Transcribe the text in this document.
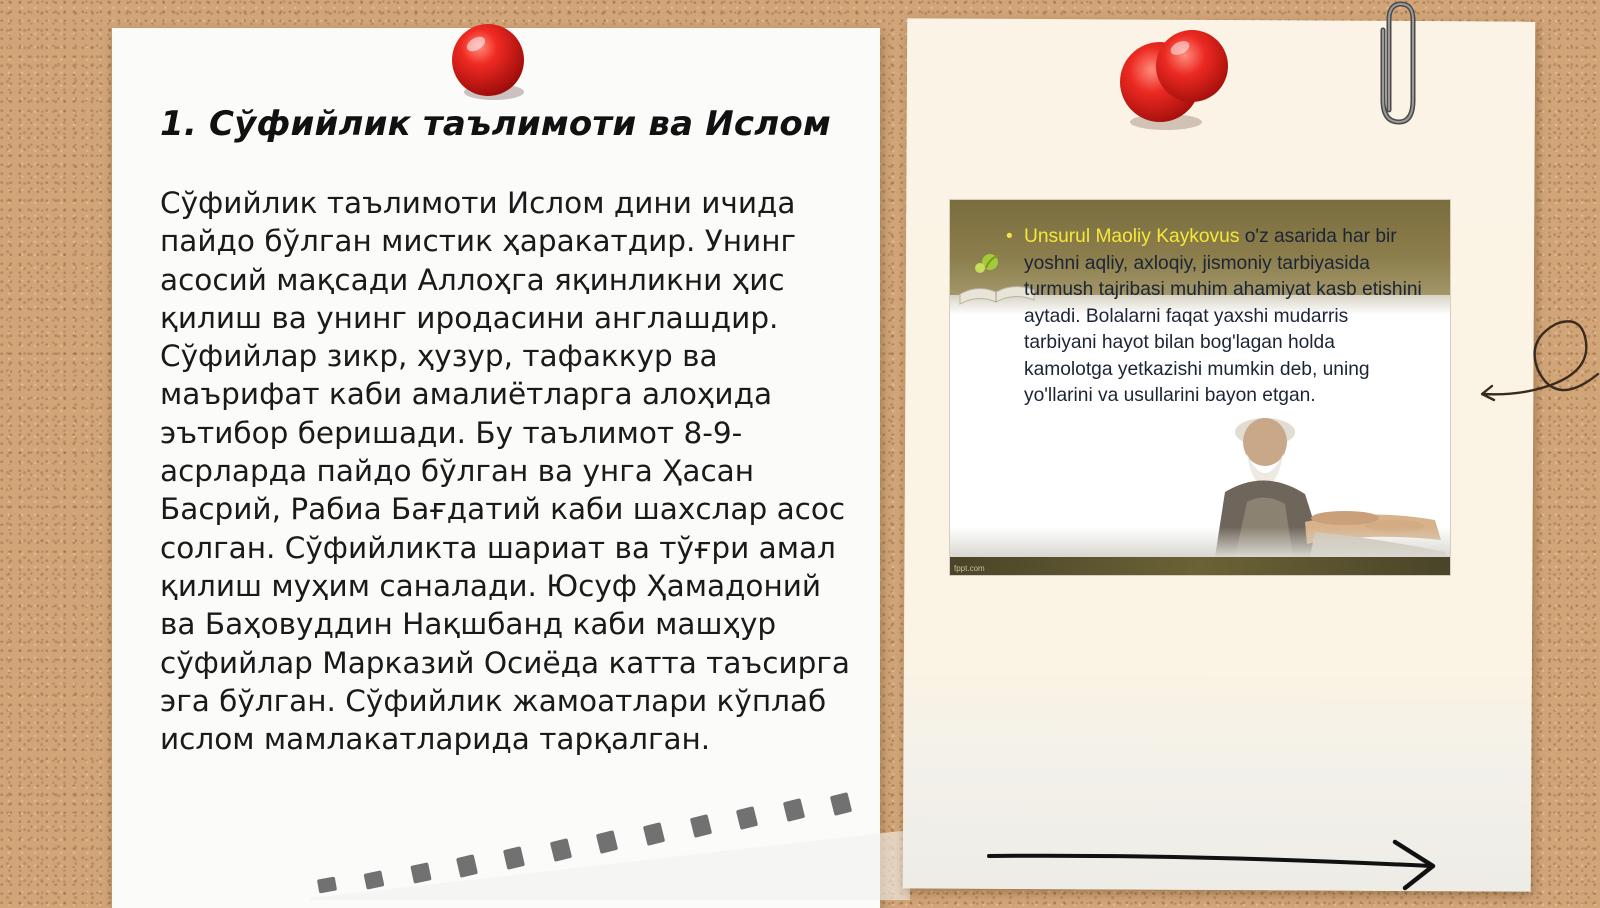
1. Сўфийлик таълимоти ва Ислом

Сўфийлик таълимоти Ислом дини ичида пайдо бўлган мистик ҳаракатдир. Унинг асосий мақсади Аллоҳга яқинликни ҳис қилиш ва унинг иродасини англашдир. Сўфийлар зикр, ҳузур, тафаккур ва маърифат каби амалиётларга алоҳида эътибор беришади. Бу таълимот 8-9-асрларда пайдо бўлган ва унга Ҳасан Басрий, Рабиа Бағдатий каби шахслар асос солган. Сўфийликта шариат ва тўғри амал қилиш муҳим саналади. Юсуф Ҳамадоний ва Баҳовуддин Нақшбанд каби машҳур сўфийлар Марказий Осиёда катта таъсирга эга бўлган. Сўфийлик жамоатлари кўплаб ислом мамлакатларида тарқалган.

fppt.com
• Unsurul Maoliy Kaykovus o'z asarida har bir yoshni aqliy, axloqiy, jismoniy tarbiyasida turmush tajribasi muhim ahamiyat kasb etishini aytadi. Bolalarni faqat yaxshi mudarris tarbiyani hayot bilan bog'lagan holda kamolotga yetkazishi mumkin deb, uning yo'llarini va usullarini bayon etgan.
